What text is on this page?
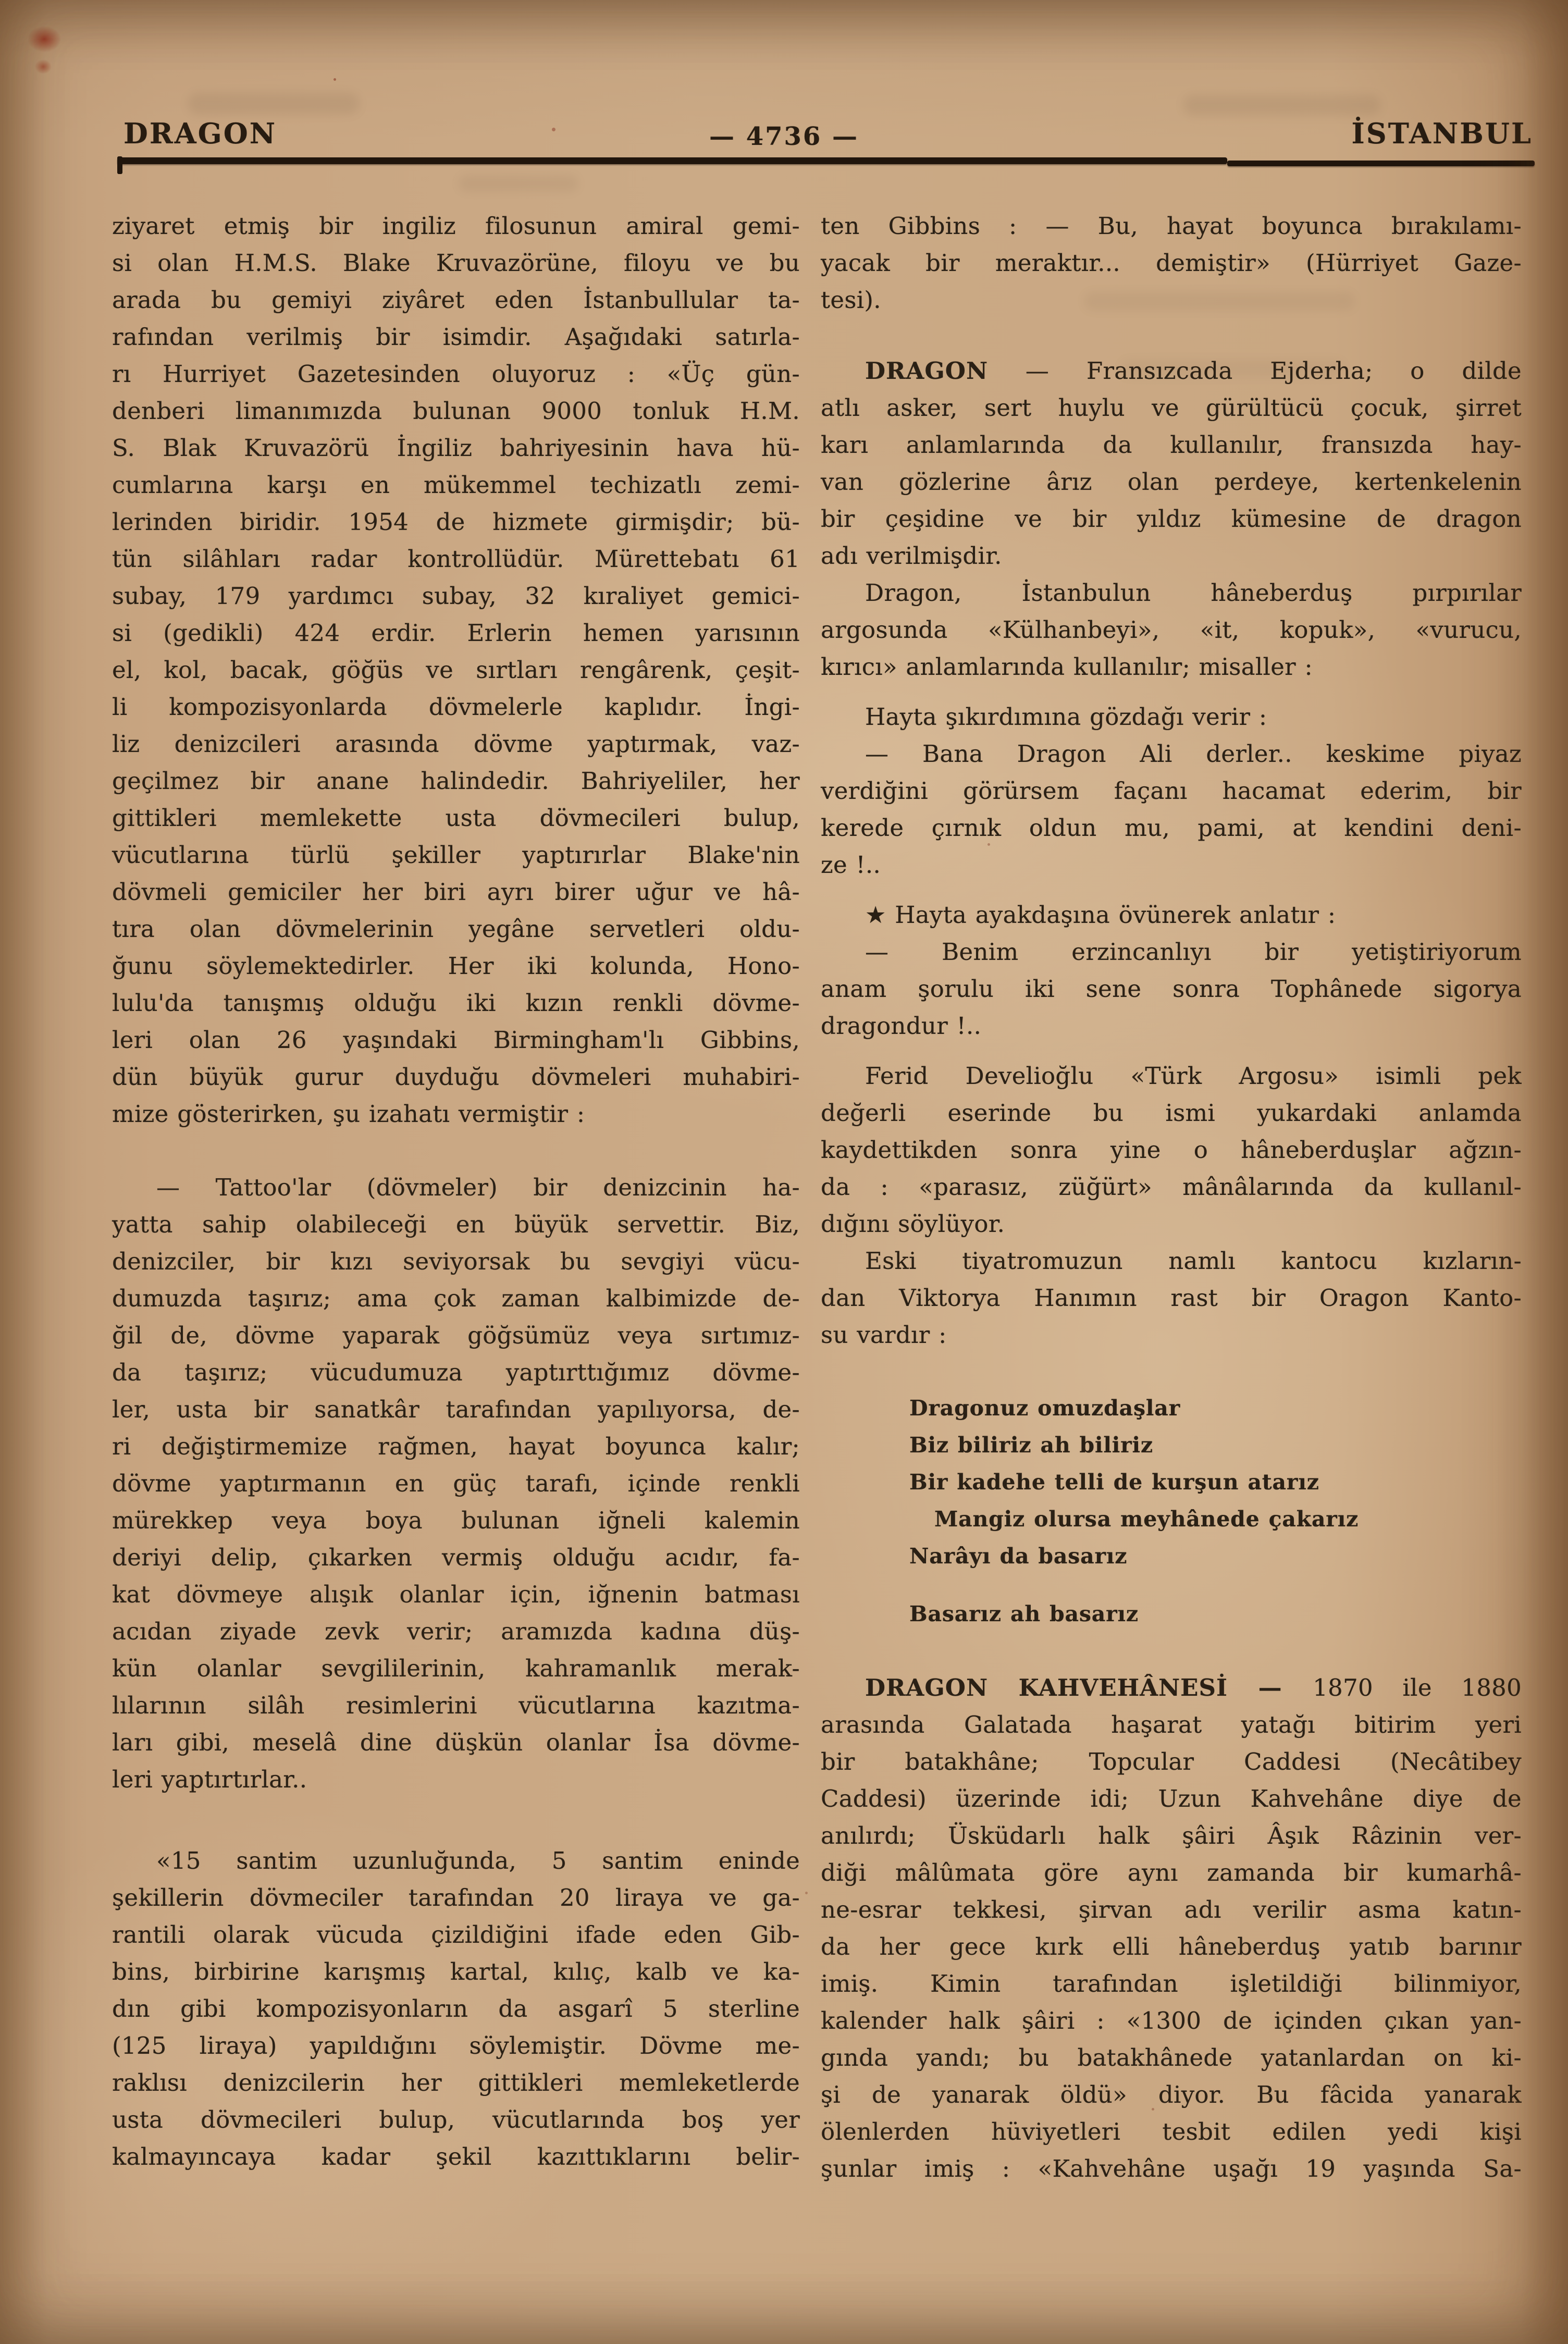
DRAGON	— 4736 —	İSTANBUL
ziyaret etmiş bir ingiliz filosunun amiral gemi-
si olan H.M.S. Blake Kruvazörüne, filoyu ve bu
arada bu gemiyi ziyâret eden İstanbullular ta-
rafından verilmiş bir isimdir. Aşağıdaki satırla-
rı Hurriyet Gazetesinden oluyoruz : «Üç gün-
denberi limanımızda bulunan 9000 tonluk H.M.
S. Blak Kruvazörü İngiliz bahriyesinin hava hü-
cumlarına karşı en mükemmel techizatlı zemi-
lerinden biridir. 1954 de hizmete girmişdir; bü-
tün silâhları radar kontrollüdür. Mürettebatı 61
subay, 179 yardımcı subay, 32 kıraliyet gemici-
si (gedikli) 424 erdir. Erlerin hemen yarısının
el, kol, bacak, göğüs ve sırtları rengârenk, çeşit-
li kompozisyonlarda dövmelerle kaplıdır. İngi-
liz denizcileri arasında dövme yaptırmak, vaz-
geçilmez bir anane halindedir. Bahriyeliler, her
gittikleri memlekette usta dövmecileri bulup,
vücutlarına türlü şekiller yaptırırlar Blake'nin
dövmeli gemiciler her biri ayrı birer uğur ve hâ-
tıra olan dövmelerinin yegâne servetleri oldu-
ğunu söylemektedirler. Her iki kolunda, Hono-
lulu'da tanışmış olduğu iki kızın renkli dövme-
leri olan 26 yaşındaki Birmingham'lı Gibbins,
dün büyük gurur duyduğu dövmeleri muhabiri-
mize gösterirken, şu izahatı vermiştir :
— Tattoo'lar (dövmeler) bir denizcinin ha-
yatta sahip olabileceği en büyük servettir. Biz,
denizciler, bir kızı seviyorsak bu sevgiyi vücu-
dumuzda taşırız; ama çok zaman kalbimizde de-
ğil de, dövme yaparak göğsümüz veya sırtımız-
da taşırız; vücudumuza yaptırttığımız dövme-
ler, usta bir sanatkâr tarafından yapılıyorsa, de-
ri değiştirmemize rağmen, hayat boyunca kalır;
dövme yaptırmanın en güç tarafı, içinde renkli
mürekkep veya boya bulunan iğneli kalemin
deriyi delip, çıkarken vermiş olduğu acıdır, fa-
kat dövmeye alışık olanlar için, iğnenin batması
acıdan ziyade zevk verir; aramızda kadına düş-
kün olanlar sevgililerinin, kahramanlık merak-
lılarının silâh resimlerini vücutlarına kazıtma-
ları gibi, meselâ dine düşkün olanlar İsa dövme-
leri yaptırtırlar..
«15 santim uzunluğunda, 5 santim eninde
şekillerin dövmeciler tarafından 20 liraya ve ga-
rantili olarak vücuda çizildiğini ifade eden Gib-
bins, birbirine karışmış kartal, kılıç, kalb ve ka-
dın gibi kompozisyonların da asgarî 5 sterline
(125 liraya) yapıldığını söylemiştir. Dövme me-
raklısı denizcilerin her gittikleri memleketlerde
usta dövmecileri bulup, vücutlarında boş yer
kalmayıncaya kadar şekil kazıttıklarını belir-
ten Gibbins : — Bu, hayat boyunca bırakılamı-
yacak bir meraktır... demiştir» (Hürriyet Gaze-
tesi).
DRAGON — Fransızcada Ejderha; o dilde
atlı asker, sert huylu ve gürültücü çocuk, şirret
karı anlamlarında da kullanılır, fransızda hay-
van gözlerine ârız olan perdeye, kertenkelenin
bir çeşidine ve bir yıldız kümesine de dragon
adı verilmişdir.
Dragon, İstanbulun hâneberduş pırpırılar
argosunda «Külhanbeyi», «it, kopuk», «vurucu,
kırıcı» anlamlarında kullanılır; misaller :
Hayta şıkırdımına gözdağı verir :
— Bana Dragon Ali derler.. keskime piyaz
verdiğini görürsem façanı hacamat ederim, bir
kerede çırnık oldun mu, pami, at kendini deni-
ze !..
★ Hayta ayakdaşına övünerek anlatır :
— Benim erzincanlıyı bir yetiştiriyorum
anam şorulu iki sene sonra Tophânede sigorya
dragondur !..
Ferid Develioğlu «Türk Argosu» isimli pek
değerli eserinde bu ismi yukardaki anlamda
kaydettikden sonra yine o hâneberduşlar ağzın-
da : «parasız, züğürt» mânâlarında da kullanıl-
dığını söylüyor.
Eski tiyatromuzun namlı kantocu kızların-
dan Viktorya Hanımın rast bir Oragon Kanto-
su vardır :
Dragonuz omuzdaşlar
Biz biliriz ah biliriz
Bir kadehe telli de kurşun atarız
Mangiz olursa meyhânede çakarız
Narâyı da basarız
Basarız ah basarız
DRAGON KAHVEHÂNESİ — 1870 ile 1880
arasında Galatada haşarat yatağı bitirim yeri
bir batakhâne; Topcular Caddesi (Necâtibey
Caddesi) üzerinde idi; Uzun Kahvehâne diye de
anılırdı; Üsküdarlı halk şâiri Âşık Râzinin ver-
diği mâlûmata göre aynı zamanda bir kumarhâ-
ne-esrar tekkesi, şirvan adı verilir asma katın-
da her gece kırk elli hâneberduş yatıb barınır
imiş. Kimin tarafından işletildiği bilinmiyor,
kalender halk şâiri : «1300 de içinden çıkan yan-
gında yandı; bu batakhânede yatanlardan on ki-
şi de yanarak öldü» diyor. Bu fâcida yanarak
ölenlerden hüviyetleri tesbit edilen yedi kişi
şunlar imiş : «Kahvehâne uşağı 19 yaşında Sa-
